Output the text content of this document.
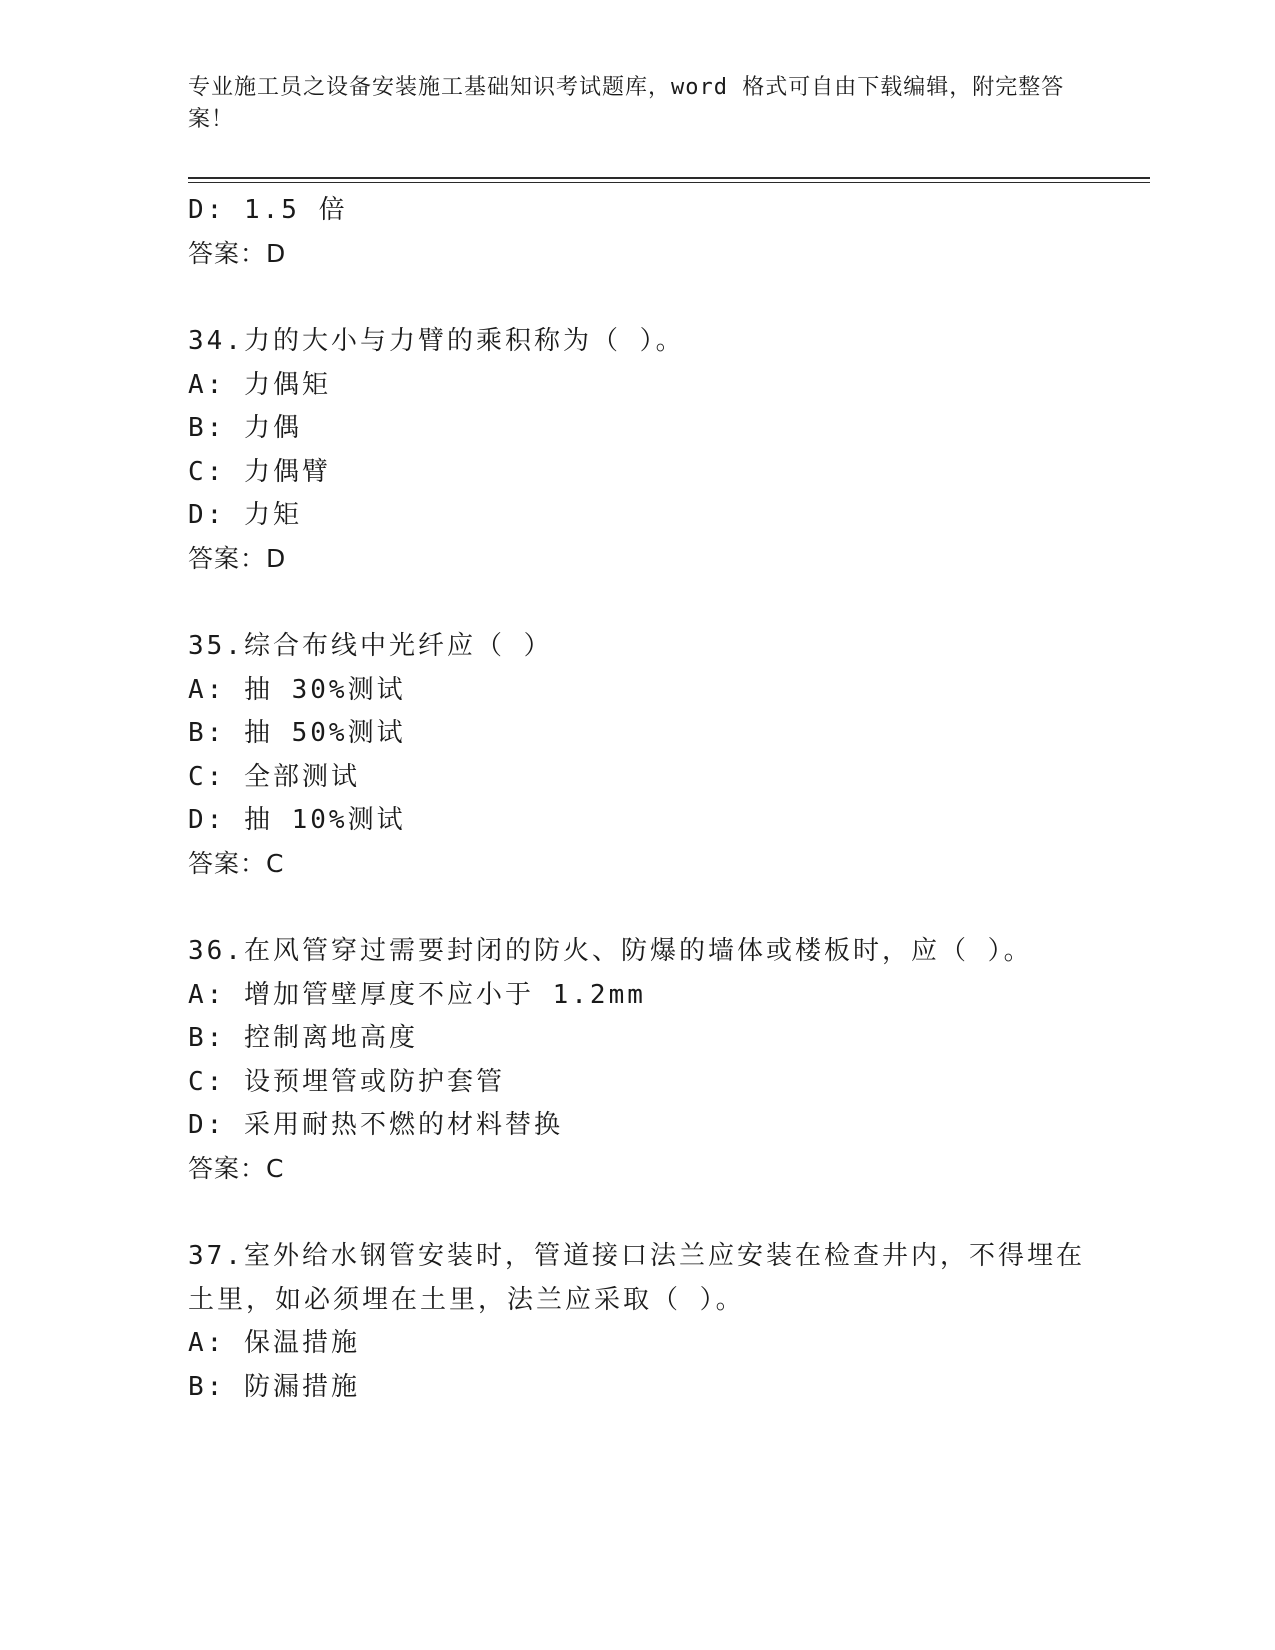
专业施工员之设备安装施工基础知识考试题库，word 格式可自由下载编辑，附完整答案！
D: 1.5 倍
答案：D
34.力的大小与力臂的乘积称为（ ）。
A: 力偶矩
B: 力偶
C: 力偶臂
D: 力矩
答案：D
35.综合布线中光纤应（ ）
A: 抽 30%测试
B: 抽 50%测试
C: 全部测试
D: 抽 10%测试
答案：C
36.在风管穿过需要封闭的防火、防爆的墙体或楼板时，应（ ）。
A: 增加管壁厚度不应小于 1.2mm
B: 控制离地高度
C: 设预埋管或防护套管
D: 采用耐热不燃的材料替换
答案：C
37.室外给水钢管安装时，管道接口法兰应安装在检查井内，不得埋在
土里，如必须埋在土里，法兰应采取（ ）。
A: 保温措施
B: 防漏措施
